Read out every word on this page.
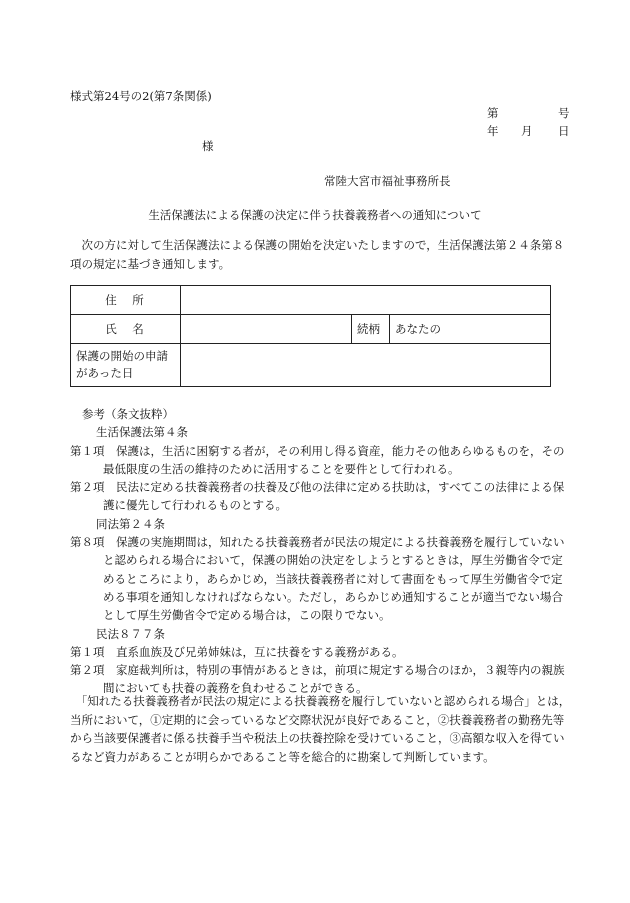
様式第24号の2(第7条関係)
第	号
年 月 日
様
常陸大宮市福祉事務所長
生活保護法による保護の決定に伴う扶養義務者への通知について
　次の方に対して生活保護法による保護の開始を決定いたしますので，生活保護法第２４条第８
項の規定に基づき通知します。
住　所			
氏　名		続柄	あなたの

保護の開始の申請
があった日			

参考（条文抜粋）
生活保護法第４条
第１項　保護は，生活に困窮する者が，その利用し得る資産，能力その他あらゆるものを，その
最低限度の生活の維持のために活用することを要件として行われる。
第２項　民法に定める扶養義務者の扶養及び他の法律に定める扶助は，すべてこの法律による保
護に優先して行われるものとする。
同法第２４条
第８項　保護の実施期間は，知れたる扶養義務者が民法の規定による扶養義務を履行していない
と認められる場合において，保護の開始の決定をしようとするときは，厚生労働省令で定
めるところにより，あらかじめ，当該扶養義務者に対して書面をもって厚生労働省令で定
める事項を通知しなければならない。ただし，あらかじめ通知することが適当でない場合
として厚生労働省令で定める場合は，この限りでない。
民法８７７条
第１項　直系血族及び兄弟姉妹は，互に扶養をする義務がある。
第２項　家庭裁判所は，特別の事情があるときは，前項に規定する場合のほか，３親等内の親族
間においても扶養の義務を負わせることができる。
　「知れたる扶養義務者が民法の規定による扶養義務を履行していないと認められる場合」とは，
当所において，①定期的に会っているなど交際状況が良好であること，②扶養義務者の勤務先等
から当該要保護者に係る扶養手当や税法上の扶養控除を受けていること，③高額な収入を得てい
るなど資力があることが明らかであること等を総合的に勘案して判断しています。
